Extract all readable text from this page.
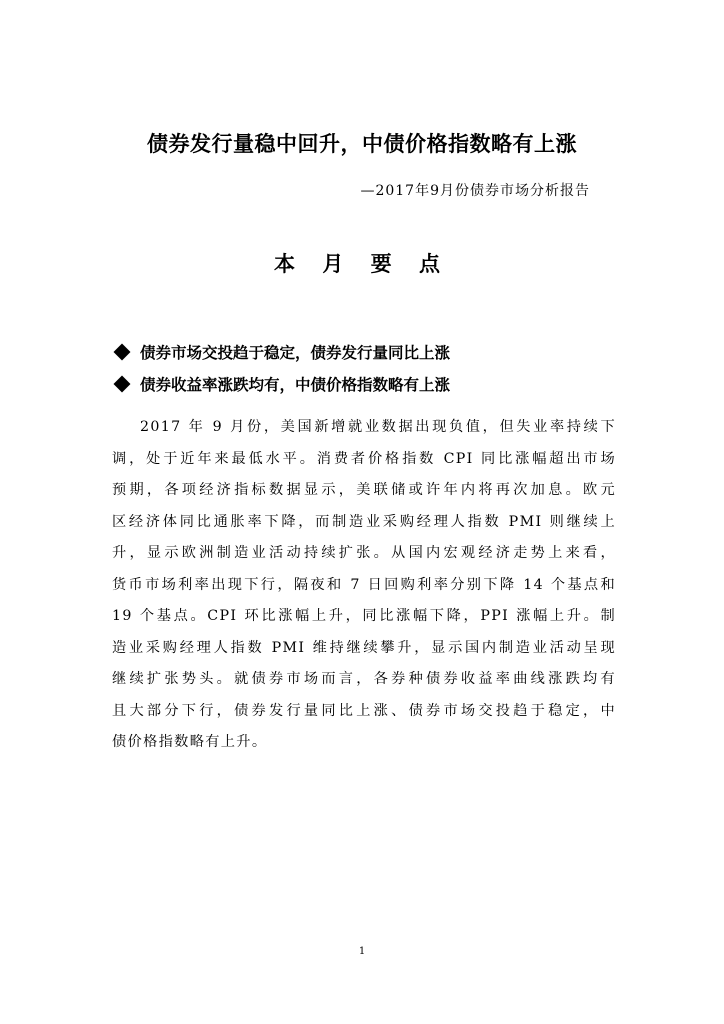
债券发行量稳中回升，中债价格指数略有上涨
—2017年9月份债券市场分析报告
本 月 要 点
债券市场交投趋于稳定，债券发行量同比上涨
债券收益率涨跌均有，中债价格指数略有上涨
2017 年 9 月份，美国新增就业数据出现负值，但失业率持续下
调，处于近年来最低水平。消费者价格指数 CPI 同比涨幅超出市场
预期，各项经济指标数据显示，美联储或许年内将再次加息。欧元
区经济体同比通胀率下降，而制造业采购经理人指数 PMI 则继续上
升，显示欧洲制造业活动持续扩张。从国内宏观经济走势上来看，
货币市场利率出现下行，隔夜和 7 日回购利率分别下降 14 个基点和
19 个基点。CPI 环比涨幅上升，同比涨幅下降，PPI 涨幅上升。制
造业采购经理人指数 PMI 维持继续攀升，显示国内制造业活动呈现
继续扩张势头。就债券市场而言，各券种债券收益率曲线涨跌均有
且大部分下行，债券发行量同比上涨、债券市场交投趋于稳定，中
债价格指数略有上升。
1
